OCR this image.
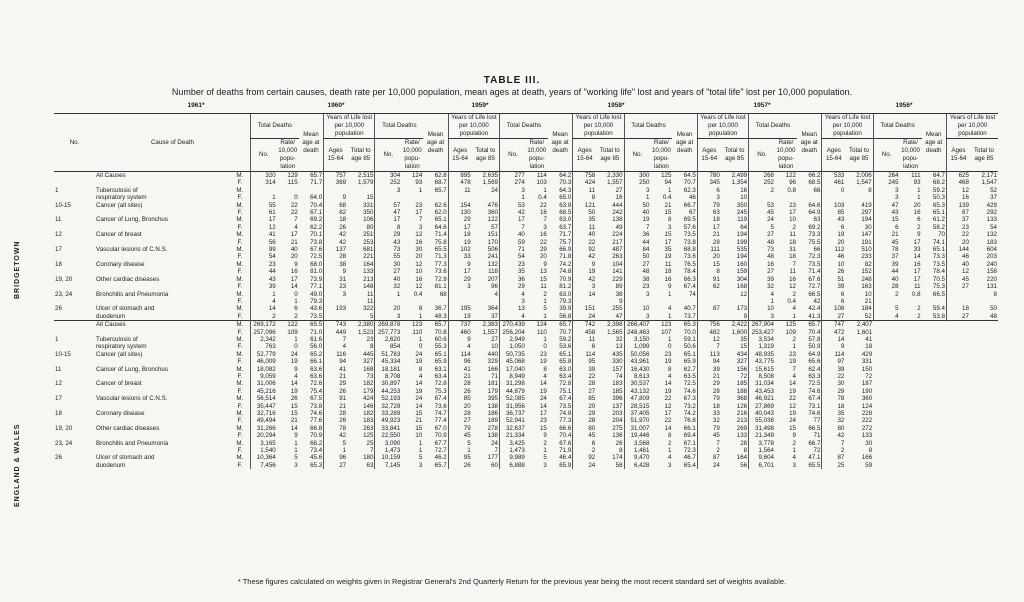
TABLE III.
Number of deaths from certain causes, death rate per 10,000 population, mean ages at death, years of "working life" lost and years of "total life" lost per 10,000 population.
1961*	1960*	1959*	1958*	1957*	1956*
No.	Cause of Death		Total Deaths		Mean age at death	Years of Life lost per 10,000 population		Total Deaths		Mean age at death	Years of Life lost per 10,000 population		Total Deaths		Mean age at death	Years of Life lost per 10,000 population		Total Deaths		Mean age at death	Years of Life lost per 10,000 population		Total Deaths		Mean age at death	Years of Life lost per 10,000 population		Total Deaths		Mean age at death	Years of Life lost per 10,000 population	
			No.	Rate/ 10,000 popu- lation		Ages 15-64	Total to age 85	No.	Rate/ 10,000 popu- lation		Ages 15-64	Total to age 85	No.	Rate/ 10,000 popu- lation		Ages 15-64	Total to age 85	No.	Rate/ 10,000 popu- lation		Ages 15-64	Total to age 85	No.	Rate/ 10,000 popu- lation		Ages 15-64	Total to age 85	No.	Rate/ 10,000 popu- lation		Ages 15-64	Total to age 85
	All Causes	M.	320	129	65.7	757	2,515	304	124	62.8	895	2,635	277	114	64.2	758	2,330	300	125	64.5	780	2,499	268	122	66.2	533	2,006	264	111	64.7	625	2,171
		F.	314	115	71.7	369	1,579	252	93	68.7	478	1,569	274	103	70.3	424	1,557	250	94	70.7	345	1,354	252	96	68.5	461	1,547	245	93	68.2	468	1,547
1	Tuberculosis of	M.						3	1	65.7	11	24	3	1	64.3	11	27	3	1	62.3	6	16	2	0.8	66	0	8	3	1	59.2	12	52
	respiratory system	F.	1	0	64.0	9	15						1	0.4	65.0	8	16	1	0.4	46	3	10						3	1	50.3	16	37
10-15	Cancer (all sites)	M.	55	22	70.4	68	331	57	23	62.6	154	476	53	22	63.8	121	444	50	21	66.7	79	350	53	23	64.6	103	419	47	20	65.3	139	429
		F.	61	22	67.1	82	350	47	17	62.0	130	360	42	16	68.5	50	242	40	15	67	63	245	45	17	64.9	85	297	43	16	65.1	87	292
11	Cancer of Lung, Bronchus	M.	17	7	69.2	18	106	17	7	65.1	29	122	17	7	63.0	35	138	19	8	69.5	18	119	24	10	63	43	194	15	6	61.2	37	133
		F.	12	4	62.2	26	80	8	3	64.6	17	57	7	3	63.7	11	49	7	3	57.6	17	64	5	2	69.2	6	30	6	2	58.2	23	54
12	Cancer of breast	M.	41	17	70.1	42	251	29	12	71.4	18	151	40	16	71.7	40	224	36	15	73.5	21	194	27	11	73.3	19	147	21	9	70	22	132
		F.	56	21	73.8	42	253	43	16	75.8	19	170	59	22	75.7	22	217	44	17	73.8	28	199	48	18	75.5	20	191	45	17	74.1	20	183
17	Vascular lesions of C.N.S.	M.	99	40	67.6	137	681	73	30	65.5	102	506	71	29	66.9	92	487	84	35	68.8	111	535	73	31	66	112	510	78	33	65.1	144	604
		F.	54	20	72.5	28	221	55	20	71.3	33	241	54	20	71.8	42	263	50	19	73.6	20	194	48	18	72.3	46	233	37	14	73.3	46	203
18	Coronary disease	M.	23	9	68.0	38	164	30	12	77.3	9	132	23	9	74.2	9	104	27	11	76.5	15	160	16	7	73.5	10	82	39	16	73.5	40	240
		F.	44	16	81.0	9	133	27	10	73.6	17	118	35	13	74.8	19	141	48	18	78.4	8	159	27	11	71.4	26	152	44	17	78.4	12	158
19, 20	Other cardiac diseases	M.	43	17	73.9	31	213	40	16	72.9	29	207	36	15	70.9	42	229	38	16	66.3	91	304	39	16	67.6	51	248	40	17	70.5	45	220
		F.	39	14	77.1	23	148	32	12	81.1	3	96	29	11	81.2	3	89	23	9	67.4	62	168	32	12	72.7	39	163	28	11	75.3	27	131
23, 24	Bronchitis and Pneumonia	M.	1	0	49.0	3	11	1	0.4	68		4	4	2	63.0	14	38	3	1	74		12	4	2	66.5	6	10	2	0.8	66.5		8
		F.	4	1	79.3		11						3	1	79.3		9						1	0.4	42	6	21					
26	Ulcer of stomach and	M.	14	6	43.6	193	322	20	8	36.7	195	364	13	5	39.9	151	255	10	4	40.7	87	173	10	4	42.4	108	184	5	2	59.4	18	50
	duodenum	F.	2	2	73.5		5	3	1	48.3	19	37	4	1	56.8	24	47	3	1	73.7		9	3	1	41.3	27	52	4	2	53.8	27	48
	All Causes	M.	269,172	122	65.5	743	2,380	269,878	123	65.7	737	2,383	270,439	124	65.7	742	2,398	266,407	123	65.3	756	2,422	267,904	125	65.7	747	2,407					
		F.	257,096	109	71.0	449	1,523	257,773	110	70.8	460	1,557	256,204	110	70.7	458	1,565	248,463	107	70.0	482	1,600	253,427	109	70.4	472	1,601					
1	Tuberculosis of	M.	2,342	1	61.6	7	23	2,620	1	60.6	9	27	2,949	1	59.2	11	32	3,150	1	59.1	12	35	3,534	2	57.8	14	41					
	respiratory system	F.	763	0	56.0	4	8	854	0	55.3	4	10	1,050	0	53.6	6	13	1,099	0	50.6	7	15	1,319	1	50.9	9	18					
10-15	Cancer (all sites)	M.	52,779	24	65.2	116	445	51,783	24	65.1	114	440	50,735	23	65.1	114	435	50,056	23	65.1	113	434	48,935	23	64.9	114	429					
		F.	46,009	19	66.1	94	327	45,334	19	65.9	96	329	45,068	19	65.8	95	330	43,961	19	65.9	94	327	43,775	19	65.6	97	331					
11	Cancer of Lung, Bronchus	M.	18,082	9	63.6	41	168	18,181	8	63.1	41	166	17,040	8	63.0	39	157	16,430	8	62.7	39	156	15,615	7	62.4	39	150					
		F.	9,059	4	63.6	21	73	8,708	4	63.4	21	71	8,949	4	63.4	22	74	8,613	4	63.5	21	72	8,508	4	63.3	22	72					
12	Cancer of breast	M.	31,006	14	72.6	29	182	30,897	14	72.8	28	181	31,298	14	72.8	28	183	30,537	14	72.5	29	185	31,034	14	72.5	30	187					
		F.	45,216	19	75.4	26	179	44,253	19	75.3	26	179	44,879	19	75.1	27	185	43,132	19	74.6	28	188	43,453	19	74.6	29	190					
17	Vascular lesions of C.N.S.	M.	56,514	26	67.5	91	424	52,193	24	67.4	85	395	52,085	24	67.4	85	396	47,809	22	67.3	79	368	46,921	22	67.4	78	360					
		F.	35,447	15	73.8	21	146	32,729	14	73.6	20	138	31,956	14	73.5	20	137	28,515	12	73.2	18	126	27,869	12	73.1	18	124					
18	Coronary disease	M.	32,716	15	74.6	28	182	33,289	15	74.7	28	186	36,737	17	74.8	29	203	37,405	17	74.2	33	216	40,043	19	74.6	35	228					
		F.	49,494	21	77.6	26	183	49,923	21	77.4	27	189	52,941	23	77.3	28	204	51,970	22	76.8	32	213	55,038	24	77	32	222					
19, 20	Other cardiac diseases	M.	31,266	14	66.8	78	263	33,841	15	67.0	79	278	32,637	15	66.6	80	275	31,007	14	66.1	79	269	31,498	15	66.5	80	272					
		F.	20,294	9	70.9	42	125	22,550	10	70.9	45	138	21,334	9	70.4	45	136	19,446	8	69.4	45	133	21,349	9	71	42	133					
23, 24	Bronchitis and Pneumonia	M.	3,165	1	68.2	5	25	3,090	1	67.7	5	24	3,425	2	67.6	6	26	3,568	2	67.1	7	28	3,778	2	66.7	7	30					
		F.	1,540	1	73.4	1	7	1,473	1	72.7	1	7	1,473	1	71.9	2	8	1,461	1	72.3	2	8	1,564	1	72	2	8					
26	Ulcer of stomach and	M.	10,364	5	45.6	96	180	10,159	5	46.2	95	177	9,989	5	46.4	92	174	9,470	4	46.7	87	164	9,604	4	47.1	87	166					
	duodenum	F.	7,456	3	65.3	27	63	7,145	3	65.7	26	60	6,888	3	65.9	24	58	6,428	3	65.4	24	56	6,701	3	65.5	25	59					
BRIDGETOWN
ENGLAND & WALES
* These figures calculated on weights given in Registrar General's 2nd Quarterly Return for the previous year being the most recent standard set of weights available.
